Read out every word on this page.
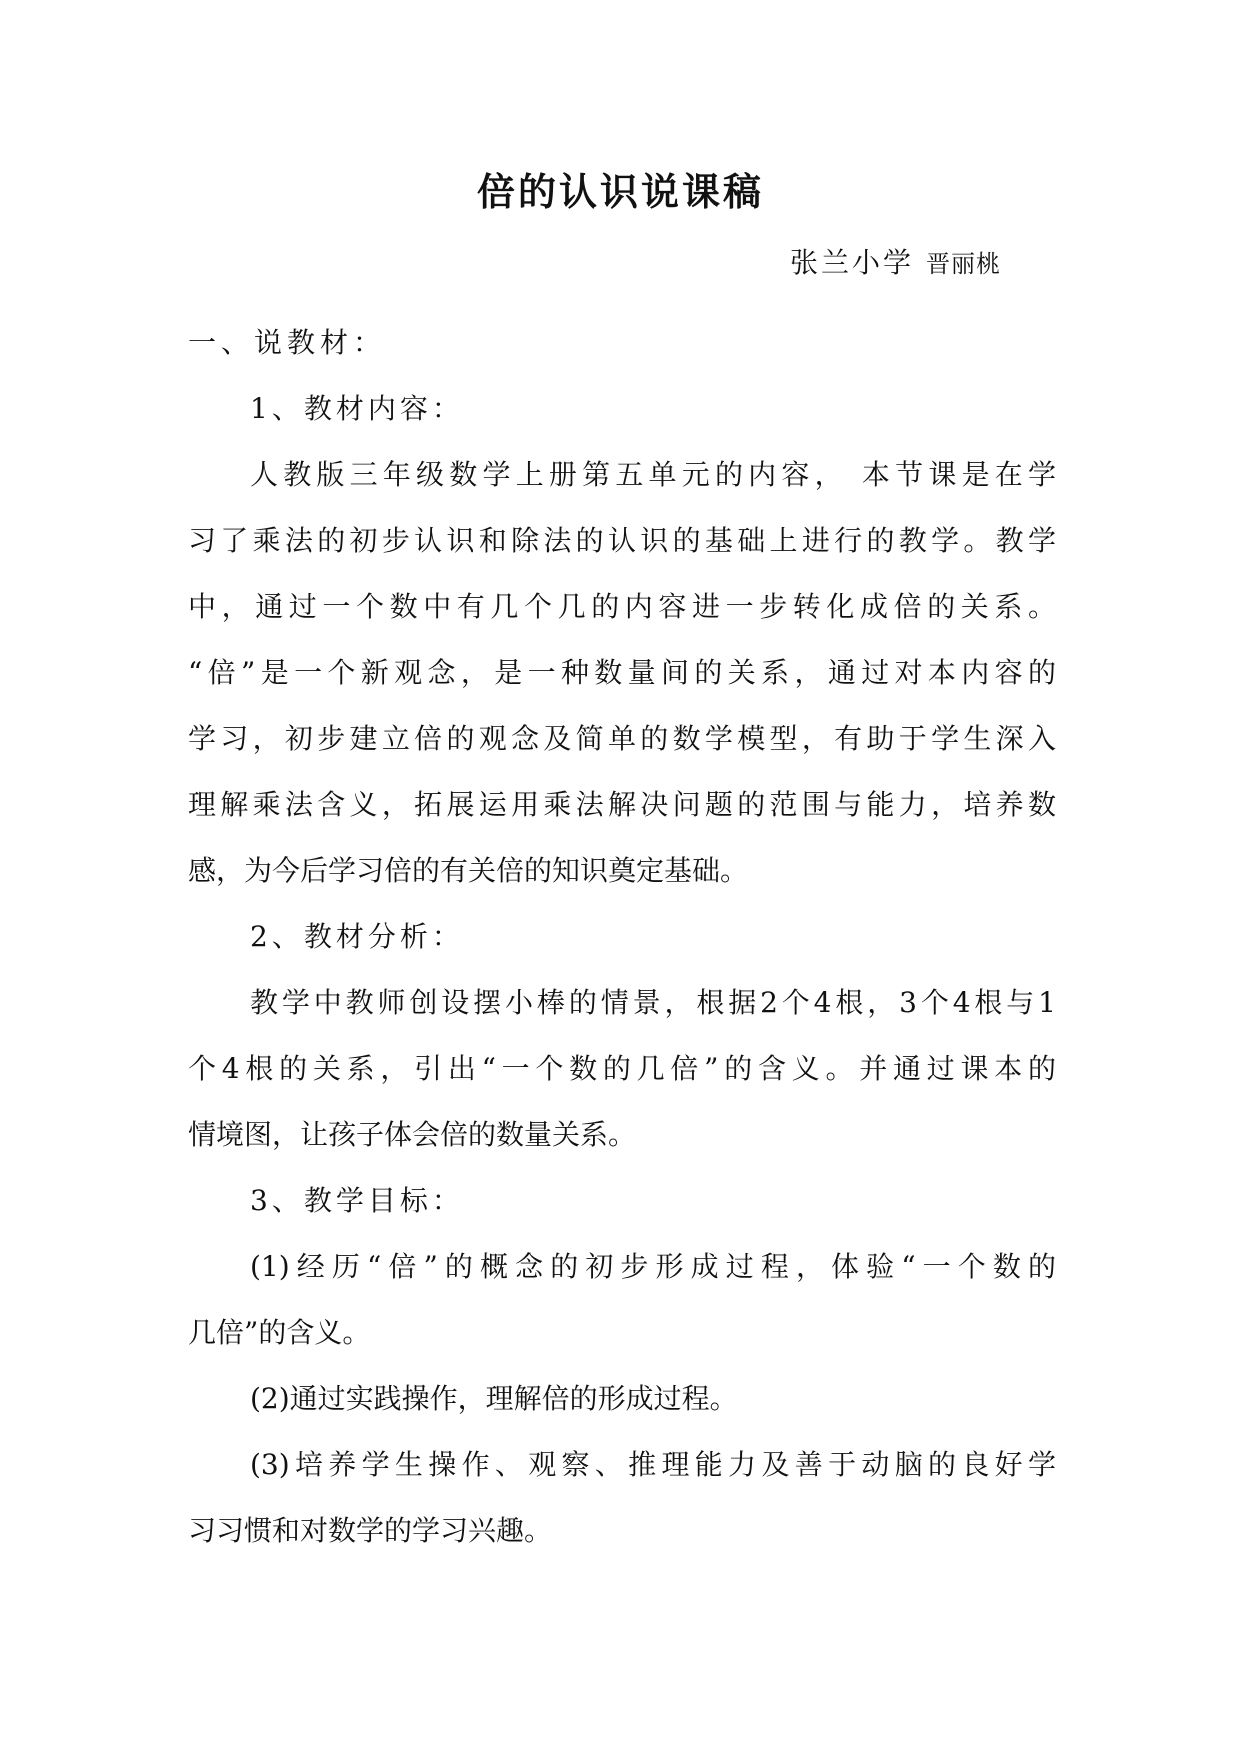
倍的认识说课稿
张兰小学 晋丽桃
一、说教材：
1、教材内容：
人教版三年级数学上册第五单元的内容， 本节课是在学
习了乘法的初步认识和除法的认识的基础上进行的教学。教学
中，通过一个数中有几个几的内容进一步转化成倍的关系。
“倍”是一个新观念，是一种数量间的关系，通过对本内容的
学习，初步建立倍的观念及简单的数学模型，有助于学生深入
理解乘法含义，拓展运用乘法解决问题的范围与能力，培养数
感，为今后学习倍的有关倍的知识奠定基础。
2、教材分析：
教学中教师创设摆小棒的情景，根据2个4根，3个4根与1
个4根的关系，引出“一个数的几倍”的含义。并通过课本的
情境图，让孩子体会倍的数量关系。
3、教学目标：
(1)经历“倍”的概念的初步形成过程，体验“一个数的
几倍”的含义。
(2)通过实践操作，理解倍的形成过程。
(3)培养学生操作、观察、推理能力及善于动脑的良好学
习习惯和对数学的学习兴趣。
